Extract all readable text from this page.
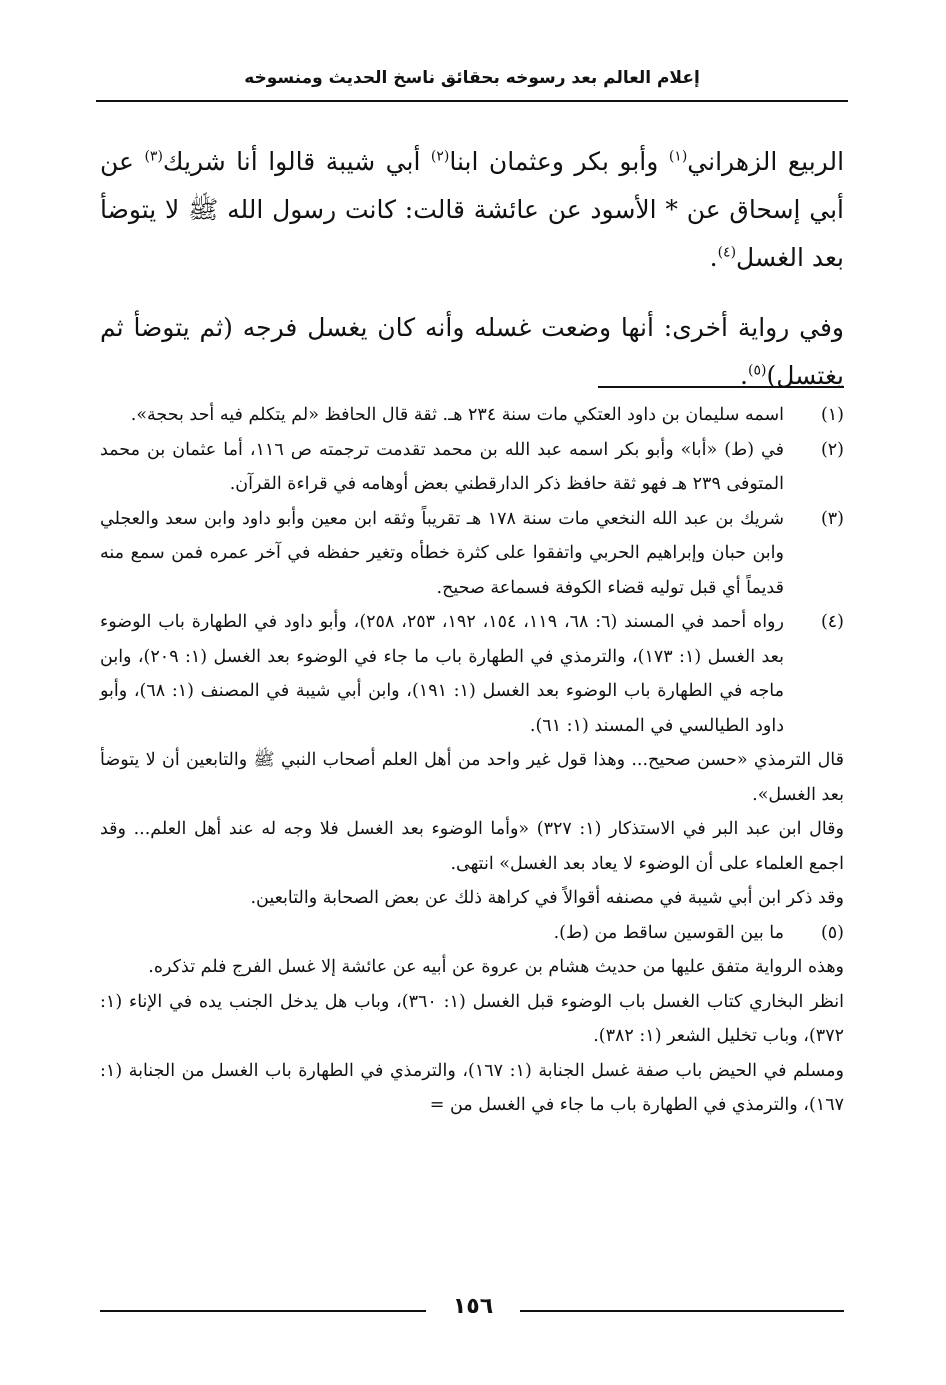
إعلام العالم بعد رسوخه بحقائق ناسخ الحديث ومنسوخه

الربيع الزهراني$^{(١)}$ وأبو بكر وعثمان ابنا$^{(٢)}$ أبي شيبة قالوا أنا شريك$^{(٣)}$ عن أبي إسحاق عن * الأسود عن عائشة قالت: كانت رسول الله ﷺ لا يتوضأ بعد الغسل$^{(٤)}$.

وفي رواية أخرى: أنها وضعت غسله وأنه كان يغسل فرجه (ثم يتوضأ ثم يغتسل)$^{(٥)}$.

(١)

اسمه سليمان بن داود العتكي مات سنة ٢٣٤ هـ. ثقة قال الحافظ «لم يتكلم فيه أحد بحجة».

(٢)

في (ط) «أبا» وأبو بكر اسمه عبد الله بن محمد تقدمت ترجمته ص ١١٦، أما عثمان بن محمد المتوفى ٢٣٩ هـ فهو ثقة حافظ ذكر الدارقطني بعض أوهامه في قراءة القرآن.

(٣)

شريك بن عبد الله النخعي مات سنة ١٧٨ هـ تقريباً وثقه ابن معين وأبو داود وابن سعد والعجلي وابن حبان وإبراهيم الحربي واتفقوا على كثرة خطأه وتغير حفظه في آخر عمره فمن سمع منه قديماً أي قبل توليه قضاء الكوفة فسماعة صحيح.

(٤)

رواه أحمد في المسند (٦: ٦٨، ١١٩، ١٥٤، ١٩٢، ٢٥٣، ٢٥٨)، وأبو داود في الطهارة باب الوضوء بعد الغسل (١: ١٧٣)، والترمذي في الطهارة باب ما جاء في الوضوء بعد الغسل (١: ٢٠٩)، وابن ماجه في الطهارة باب الوضوء بعد الغسل (١: ١٩١)، وابن أبي شيبة في المصنف (١: ٦٨)، وأبو داود الطيالسي في المسند (١: ٦١).

قال الترمذي «حسن صحيح... وهذا قول غير واحد من أهل العلم أصحاب النبي ﷺ والتابعين أن لا يتوضأ بعد الغسل».

وقال ابن عبد البر في الاستذكار (١: ٣٢٧) «وأما الوضوء بعد الغسل فلا وجه له عند أهل العلم... وقد اجمع العلماء على أن الوضوء لا يعاد بعد الغسل» انتهى.

وقد ذكر ابن أبي شيبة في مصنفه أقوالاً في كراهة ذلك عن بعض الصحابة والتابعين.

(٥)

ما بين القوسين ساقط من (ط).

وهذه الرواية متفق عليها من حديث هشام بن عروة عن أبيه عن عائشة إلا غسل الفرج فلم تذكره.

انظر البخاري كتاب الغسل باب الوضوء قبل الغسل (١: ٣٦٠)، وباب هل يدخل الجنب يده في الإناء (١: ٣٧٢)، وباب تخليل الشعر (١: ٣٨٢).

ومسلم في الحيض باب صفة غسل الجنابة (١: ١٦٧)، والترمذي في الطهارة باب الغسل من الجنابة (١: ١٦٧)، والترمذي في الطهارة باب ما جاء في الغسل من =

١٥٦
